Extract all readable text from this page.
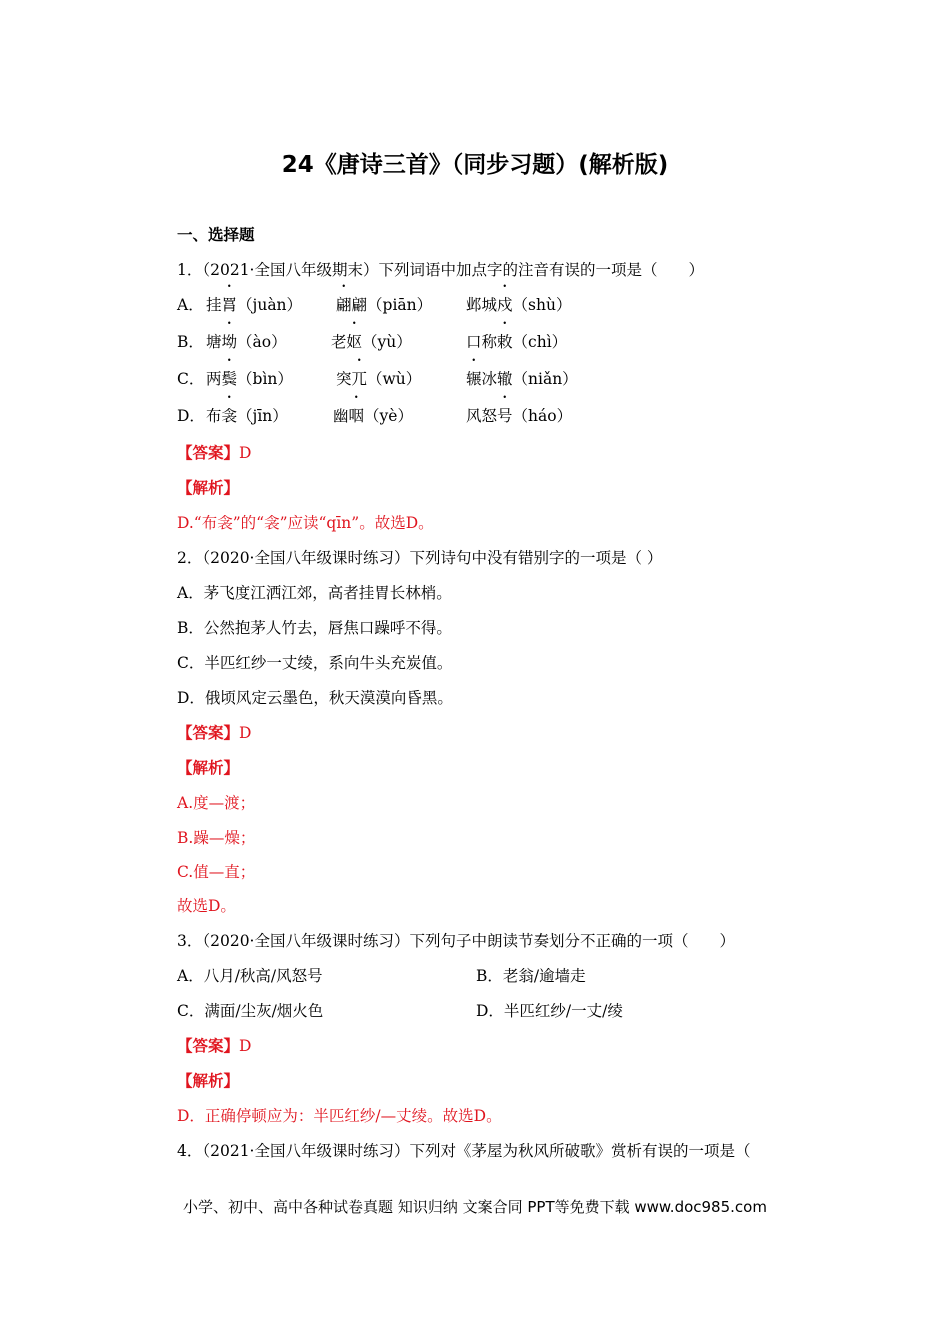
24《唐诗三首》（同步习题）(解析版)
一、选择题
1．（2021·全国八年级期末）下列词语中加点字的注音有误的一项是（　　）
A． 挂罥（juàn） 翩翩（piān） 邺城戍（shù）
B． 塘坳（ào）	老妪（yù）	口称敕（chì）
C． 两鬓（bìn）	突兀（wù）	辗冰辙（niǎn）
D． 布衾（jīn）	幽咽（yè）	风怒号（háo）
【答案】D
【解析】
D.“布衾”的“衾”应读“qīn”。故选D。
2．（2020·全国八年级课时练习）下列诗句中没有错别字的一项是（ ）
A．茅飞度江洒江郊，高者挂胃长林梢。
B．公然抱茅人竹去，唇焦口躁呼不得。
C．半匹红纱一丈绫，系向牛头充炭值。
D．俄顷风定云墨色，秋天漠漠向昏黑。
【答案】D
【解析】
A.度—渡；
B.躁—燥；
C.值—直；
故选D。
3．（2020·全国八年级课时练习）下列句子中朗读节奏划分不正确的一项（　　）
A．八月/秋高/风怒号	B．老翁/逾墙走
C．满面/尘灰/烟火色	D．半匹红纱/一丈/绫
【答案】D
【解析】
D．正确停顿应为：半匹红纱/—丈绫。故选D。
4．（2021·全国八年级课时练习）下列对《茅屋为秋风所破歌》赏析有误的一项是（
小学、初中、高中各种试卷真题 知识归纳 文案合同 PPT等免费下载 www.doc985.com
